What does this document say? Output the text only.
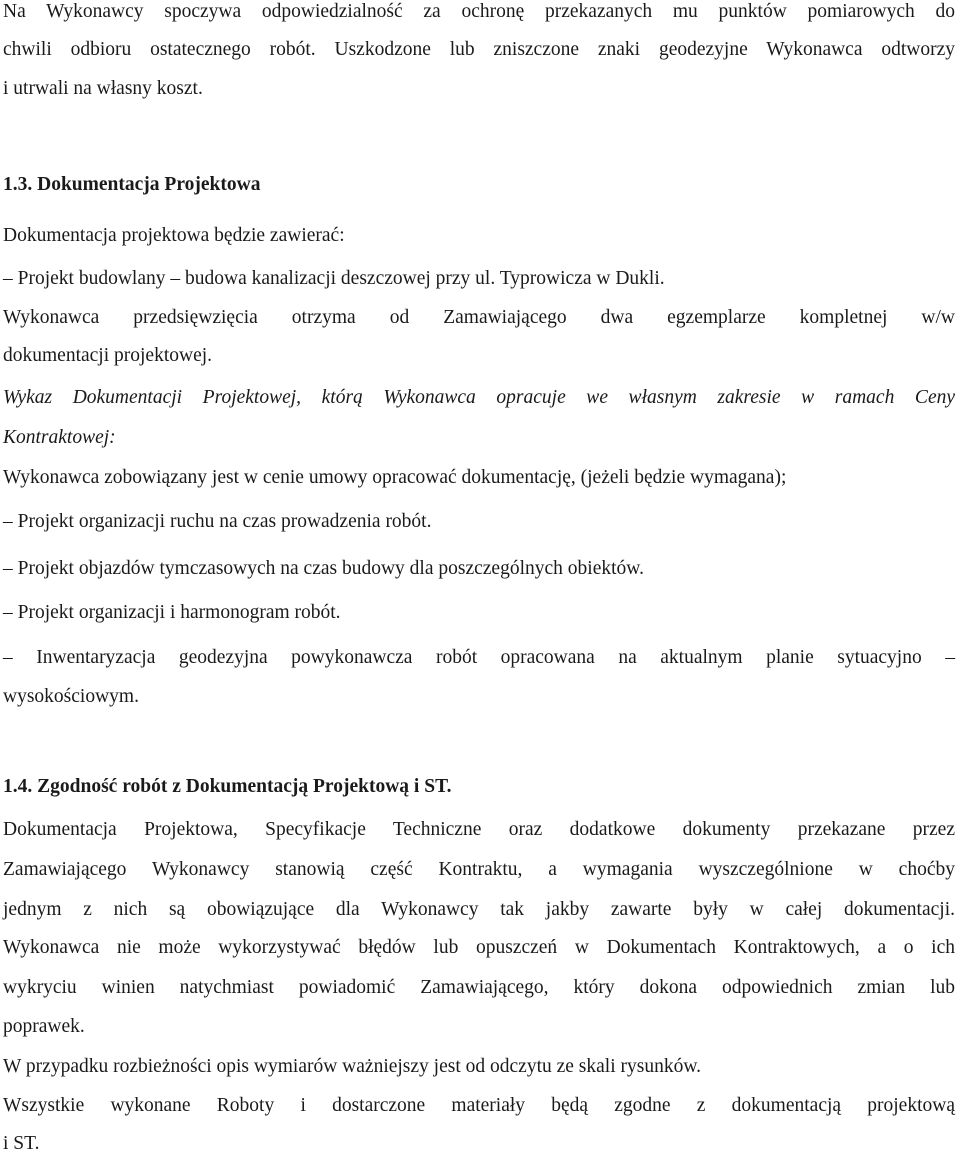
Na Wykonawcy spoczywa odpowiedzialność za ochronę przekazanych mu punktów pomiarowych do
chwili odbioru ostatecznego robót. Uszkodzone lub zniszczone znaki geodezyjne Wykonawca odtworzy
i utrwali na własny koszt.
1.3. Dokumentacja Projektowa
Dokumentacja projektowa będzie zawierać:
– Projekt budowlany – budowa kanalizacji deszczowej przy ul. Typrowicza w Dukli.
Wykonawca przedsięwzięcia otrzyma od Zamawiającego dwa egzemplarze kompletnej w/w
dokumentacji projektowej.
Wykaz Dokumentacji Projektowej, którą Wykonawca opracuje we własnym zakresie w ramach Ceny
Kontraktowej:
Wykonawca zobowiązany jest w cenie umowy opracować dokumentację, (jeżeli będzie wymagana);
– Projekt organizacji ruchu na czas prowadzenia robót.
– Projekt objazdów tymczasowych na czas budowy dla poszczególnych obiektów.
– Projekt organizacji i harmonogram robót.
– Inwentaryzacja geodezyjna powykonawcza robót opracowana na aktualnym planie sytuacyjno –
wysokościowym.
1.4. Zgodność robót z Dokumentacją Projektową i ST.
Dokumentacja Projektowa, Specyfikacje Techniczne oraz dodatkowe dokumenty przekazane przez
Zamawiającego Wykonawcy stanowią część Kontraktu, a wymagania wyszczególnione w choćby
jednym z nich są obowiązujące dla Wykonawcy tak jakby zawarte były w całej dokumentacji.
Wykonawca nie może wykorzystywać błędów lub opuszczeń w Dokumentach Kontraktowych, a o ich
wykryciu winien natychmiast powiadomić Zamawiającego, który dokona odpowiednich zmian lub
poprawek.
W przypadku rozbieżności opis wymiarów ważniejszy jest od odczytu ze skali rysunków.
Wszystkie wykonane Roboty i dostarczone materiały będą zgodne z dokumentacją projektową
i ST.
